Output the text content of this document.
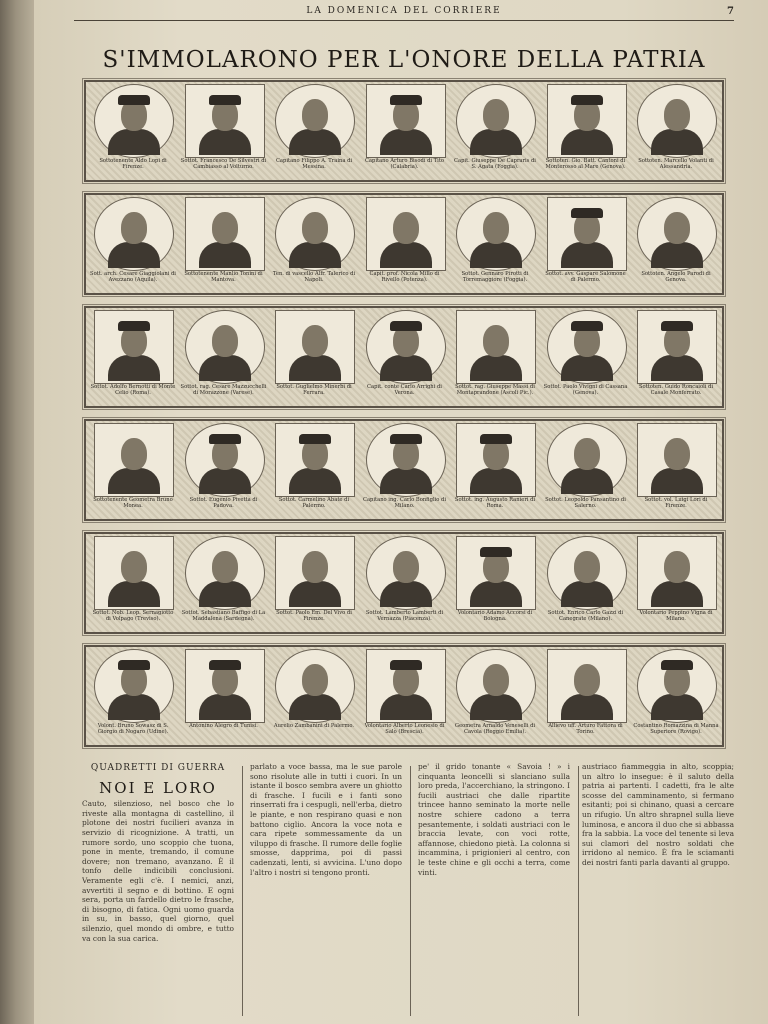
LA DOMENICA DEL CORRIERE	7
S'IMMOLARONO PER L'ONORE DELLA PATRIA
Sottotenente Aldo Lopi di Firenze.
Sottot. Francesco De Silvestri di Cambiasso al Volturno.
Capitano Filippo A. Traina di Messina.
Capitano Arturo Bisodi di Tito (Calabria).
Capit. Giuseppe De Capraris di S. Agata (Foggia).
Sottoten. Gio. Batt. Cantoni di Monterosso al Mare (Genova).
Sottoten. Marcello Volanti di Alessandria.
Sott. arch. Cesare Giaggiolani di Avezzano (Aquila).
Sottotenente Manlio Tonini di Mantova.
Ten. di vascello Alfr. Talerico di Napoli.
Capit. prof. Nicola Millo di Rivello (Potenza).
Sottot. Gennaro Pirotti di Torremaggiore (Foggia).
Sottot. avv. Gaspare Salomone di Palermo.
Sottoten. Angelo Parodi di Genova.
Sottot. Adolfo Bernotti di Monte Celio (Roma).
Sottot. rag. Cesare Mazzucchelli di Morazzone (Varese).
Sottot. Guglielmo Minerbi di Ferrara.
Capit. conte Carlo Arrighi di Verona.
Sottot. rag. Giuseppe Massi di Montaprandone (Ascoli Pic.).
Sottot. Paolo Vivigni di Cassana (Genova).
Sottoten. Guido Roncaioli di Casale Monferrato.
Sottotenente Geometra Bruno Monea.
Sottot. Eugenio Pivetta di Padova.
Sottot. Carmelino Abate di Palermo.
Capitano ing. Carlo Bonfiglio di Milano.
Sottot. ing. Augusto Ranieri di Roma.
Sottot. Leopoldo Pansantino di Salerno.
Sottot. vol. Luigi Lori di Firenze.
Sottot. Nob. Leop. Sernagiotto di Volpago (Treviso).
Sottot. Sebastiano Baffigo di La Maddalena (Sardegna).
Sottot. Paolo Em. Del Vivo di Firenze.
Sottot. Lamberto Lamberti di Vernazza (Piacenza).
Volontario Adamo Accorsi di Bologna.
Sottot. Enrico Carlo Gazzi di Canegrate (Milano).
Volontario Peppino Vigna di Milano.
Volont. Bruno Sowasz di S. Giorgio di Nogaro (Udine).
Antonino Alegro di Tunisi.	Aurelio Zambanini di Palermo.	Volontario Alberto Leonesio di Salò (Brescia).
Geometra Arnaldo Veneselli di Cavola (Reggio Emilia).
Allievo uff. Arturo Fattora di Torino.
Costantino Romazzina di Manna Superiore (Rovigo).
QUADRETTI DI GUERRA
NOI E LORO
Cauto, silenzioso, nel bosco che lo riveste alla montagna di castellino, il plotone dei nostri fucilieri avanza in servizio di ricognizione. A tratti, un rumore sordo, uno scoppio che tuona, pone in mente, tremando, il comune dovere; non tremano, avanzano. È il tonfo delle indicibili conclusioni. Veramente egli c'è. I nemici, anzi, avvertiti il segno e di bottino. E ogni sera, porta un fardello dietro le frasche, di bisogno, di fatica. Ogni uomo guarda in su, in basso, quel giorno, quel silenzio, quel mondo di ombre, e tutto va con la sua carica.
parlato a voce bassa, ma le sue parole sono risolute alle in tutti i cuori. In un istante il bosco sembra avere un ghiotto di frasche. I fucili e i fanti sono rinserrati fra i cespugli, nell'erba, dietro le piante, e non respirano quasi e non battono ciglio. Ancora la voce nota e cara ripete sommessamente da un viluppo di frasche. Il rumore delle foglie smosse, dapprima, poi di passi cadenzati, lenti, si avvicina. L'uno dopo l'altro i nostri si tengono pronti.
pe' il grido tonante « Savoia ! » i cinquanta leoncelli si slanciano sulla loro preda, l'accerchiano, la stringono. I fucili austriaci che dalle ripartite trincee hanno seminato la morte nelle nostre schiere cadono a terra pesantemente, i soldati austriaci con le braccia levate, con voci rotte, affannose, chiedono pietà. La colonna si incammina, i prigionieri al centro, con le teste chine e gli occhi a terra, come vinti.
austriaco fiammeggia in alto, scoppia; un altro lo insegue: è il saluto della patria ai partenti. I cadetti, fra le alte scosse del camminamento, si fermano esitanti; poi si chinano, quasi a cercare un rifugio. Un altro shrapnel sulla lieve luminosa, e ancora il duo che si abbassa fra la sabbia. La voce del tenente si leva sui clamori del nostro soldati che irridono al nemico. È fra le sciamanti dei nostri fanti parla davanti al gruppo.
